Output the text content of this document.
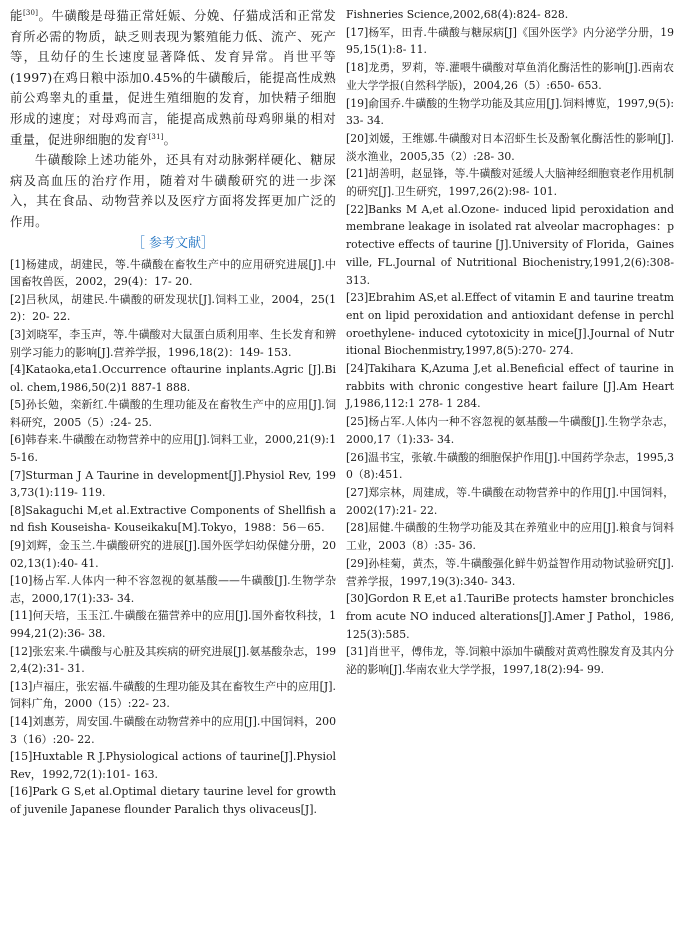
能[30]。牛磺酸是母猫正常妊娠、分娩、仔猫成活和正常发育所必需的物质，缺乏则表现为繁殖能力低、流产、死产等，且幼仔的生长速度显著降低、发育异常。肖世平等(1997)在鸡日粮中添加0.45%的牛磺酸后，能提高性成熟前公鸡睾丸的重量，促进生殖细胞的发育，加快精子细胞形成的速度；对母鸡而言，能提高成熟前母鸡卵巢的相对重量，促进卵细胞的发育[31]。

牛磺酸除上述功能外，还具有对动脉粥样硬化、糖尿病及高血压的治疗作用，随着对牛磺酸研究的进一步深入，其在食品、动物营养以及医疗方面将发挥更加广泛的作用。

［ 参考文献］

[1]杨建成，胡建民，等.牛磺酸在畜牧生产中的应用研究进展[J].中国畜牧兽医，2002，29(4)：17- 20.

[2]吕秋凤，胡建民.牛磺酸的研发现状[J].饲料工业，2004，25(12)：20- 22.

[3]刘晓军，李玉声，等.牛磺酸对大鼠蛋白质利用率、生长发育和辨别学习能力的影响[J].营养学报，1996,18(2)：149- 153.

[4]Kataoka,eta1.Occurrence oftaurine inplants.Agric [J].Biol. chem,1986,50(2)1 887-1 888.

[5]孙长勉，栾新红.牛磺酸的生理功能及在畜牧生产中的应用[J].饲料研究，2005（5）:24- 25.

[6]韩春来.牛磺酸在动物营养中的应用[J].饲料工业，2000,21(9):15-16.

[7]Sturman J A Taurine in development[J].Physiol Rev, 1993,73(1):119- 119.

[8]Sakaguchi M,et al.Extractive Components of Shellfish and fish Kouseisha- Kouseikaku[M].Tokyo，1988：56－65.

[9]刘辉，金玉兰.牛磺酸研究的进展[J].国外医学妇幼保健分册，2002,13(1):40- 41.

[10]杨占军.人体内一种不容忽视的氨基酸——牛磺酸[J].生物学杂志，2000,17(1):33- 34.

[11]何天培，玉玉江.牛磺酸在猫营养中的应用[J].国外畜牧科技，1994,21(2):36- 38.

[12]张宏来.牛磺酸与心脏及其疾病的研究进展[J].氨基酸杂志，1992,4(2):31- 31.

[13]卢福庄，张宏福.牛磺酸的生理功能及其在畜牧生产中的应用[J].饲料广角，2000（15）:22- 23.

[14]刘惠芳，周安国.牛磺酸在动物营养中的应用[J].中国饲料，2003（16）:20- 22.

[15]Huxtable R J.Physiological actions of taurine[J].Physiol Rev，1992,72(1):101- 163.

[16]Park G S,et al.Optimal dietary taurine level for growth of juvenile Japanese flounder Paralich thys olivaceus[J].

Fishneries Science,2002,68(4):824- 828.

[17]杨军，田青.牛磺酸与糖尿病[J]《国外医学》内分泌学分册，1995,15(1):8- 11.

[18]龙勇，罗莉，等.灌喂牛磺酸对草鱼消化酶活性的影响[J].西南农业大学学报(自然科学版)，2004,26（5）:650- 653.

[19]俞国乔.牛磺酸的生物学功能及其应用[J].饲料博览，1997,9(5):33- 34.

[20]刘媛，王维娜.牛磺酸对日本沼虾生长及酚氧化酶活性的影响[J].淡水渔业，2005,35（2）:28- 30.

[21]胡善明，赵显锋，等.牛磺酸对延缓人大脑神经细胞衰老作用机制的研究[J].卫生研究，1997,26(2):98- 101.

[22]Banks M A,et al.Ozone- induced lipid peroxidation and membrane leakage in isolated rat alveolar macrophages：protective effects of taurine [J].University of Florida，Gainesville, FL.Journal of Nutritional Biochenistry,1991,2(6):308- 313.

[23]Ebrahim AS,et al.Effect of vitamin E and taurine treatment on lipid peroxidation and antioxidant defense in perchloroethylene- induced cytotoxicity in mice[J].Journal of Nutritional Biochenmistry,1997,8(5):270- 274.

[24]Takihara K,Azuma J,et al.Beneficial effect of taurine in rabbits with chronic congestive heart failure [J].Am Heart J,1986,112:1 278- 1 284.

[25]杨占军.人体内一种不容忽视的氨基酸—牛磺酸[J].生物学杂志，2000,17（1):33- 34.

[26]温书宝，张敏.牛磺酸的细胞保护作用[J].中国药学杂志，1995,30（8):451.

[27]郑宗林，周建成，等.牛磺酸在动物营养中的作用[J].中国饲料，2002(17):21- 22.

[28]屈健.牛磺酸的生物学功能及其在养殖业中的应用[J].粮食与饲料工业，2003（8）:35- 36.

[29]孙桂菊，黄杰，等.牛磺酸强化鲜牛奶益智作用动物试验研究[J].营养学报，1997,19(3):340- 343.

[30]Gordon R E,et a1.TauriBe protects hamster bronchicles from acute NO induced alterations[J].Amer J Pathol，1986,125(3):585.

[31]肖世平，傅伟龙，等.饲粮中添加牛磺酸对黄鸡性腺发育及其内分泌的影响[J].华南农业大学学报，1997,18(2):94- 99.
